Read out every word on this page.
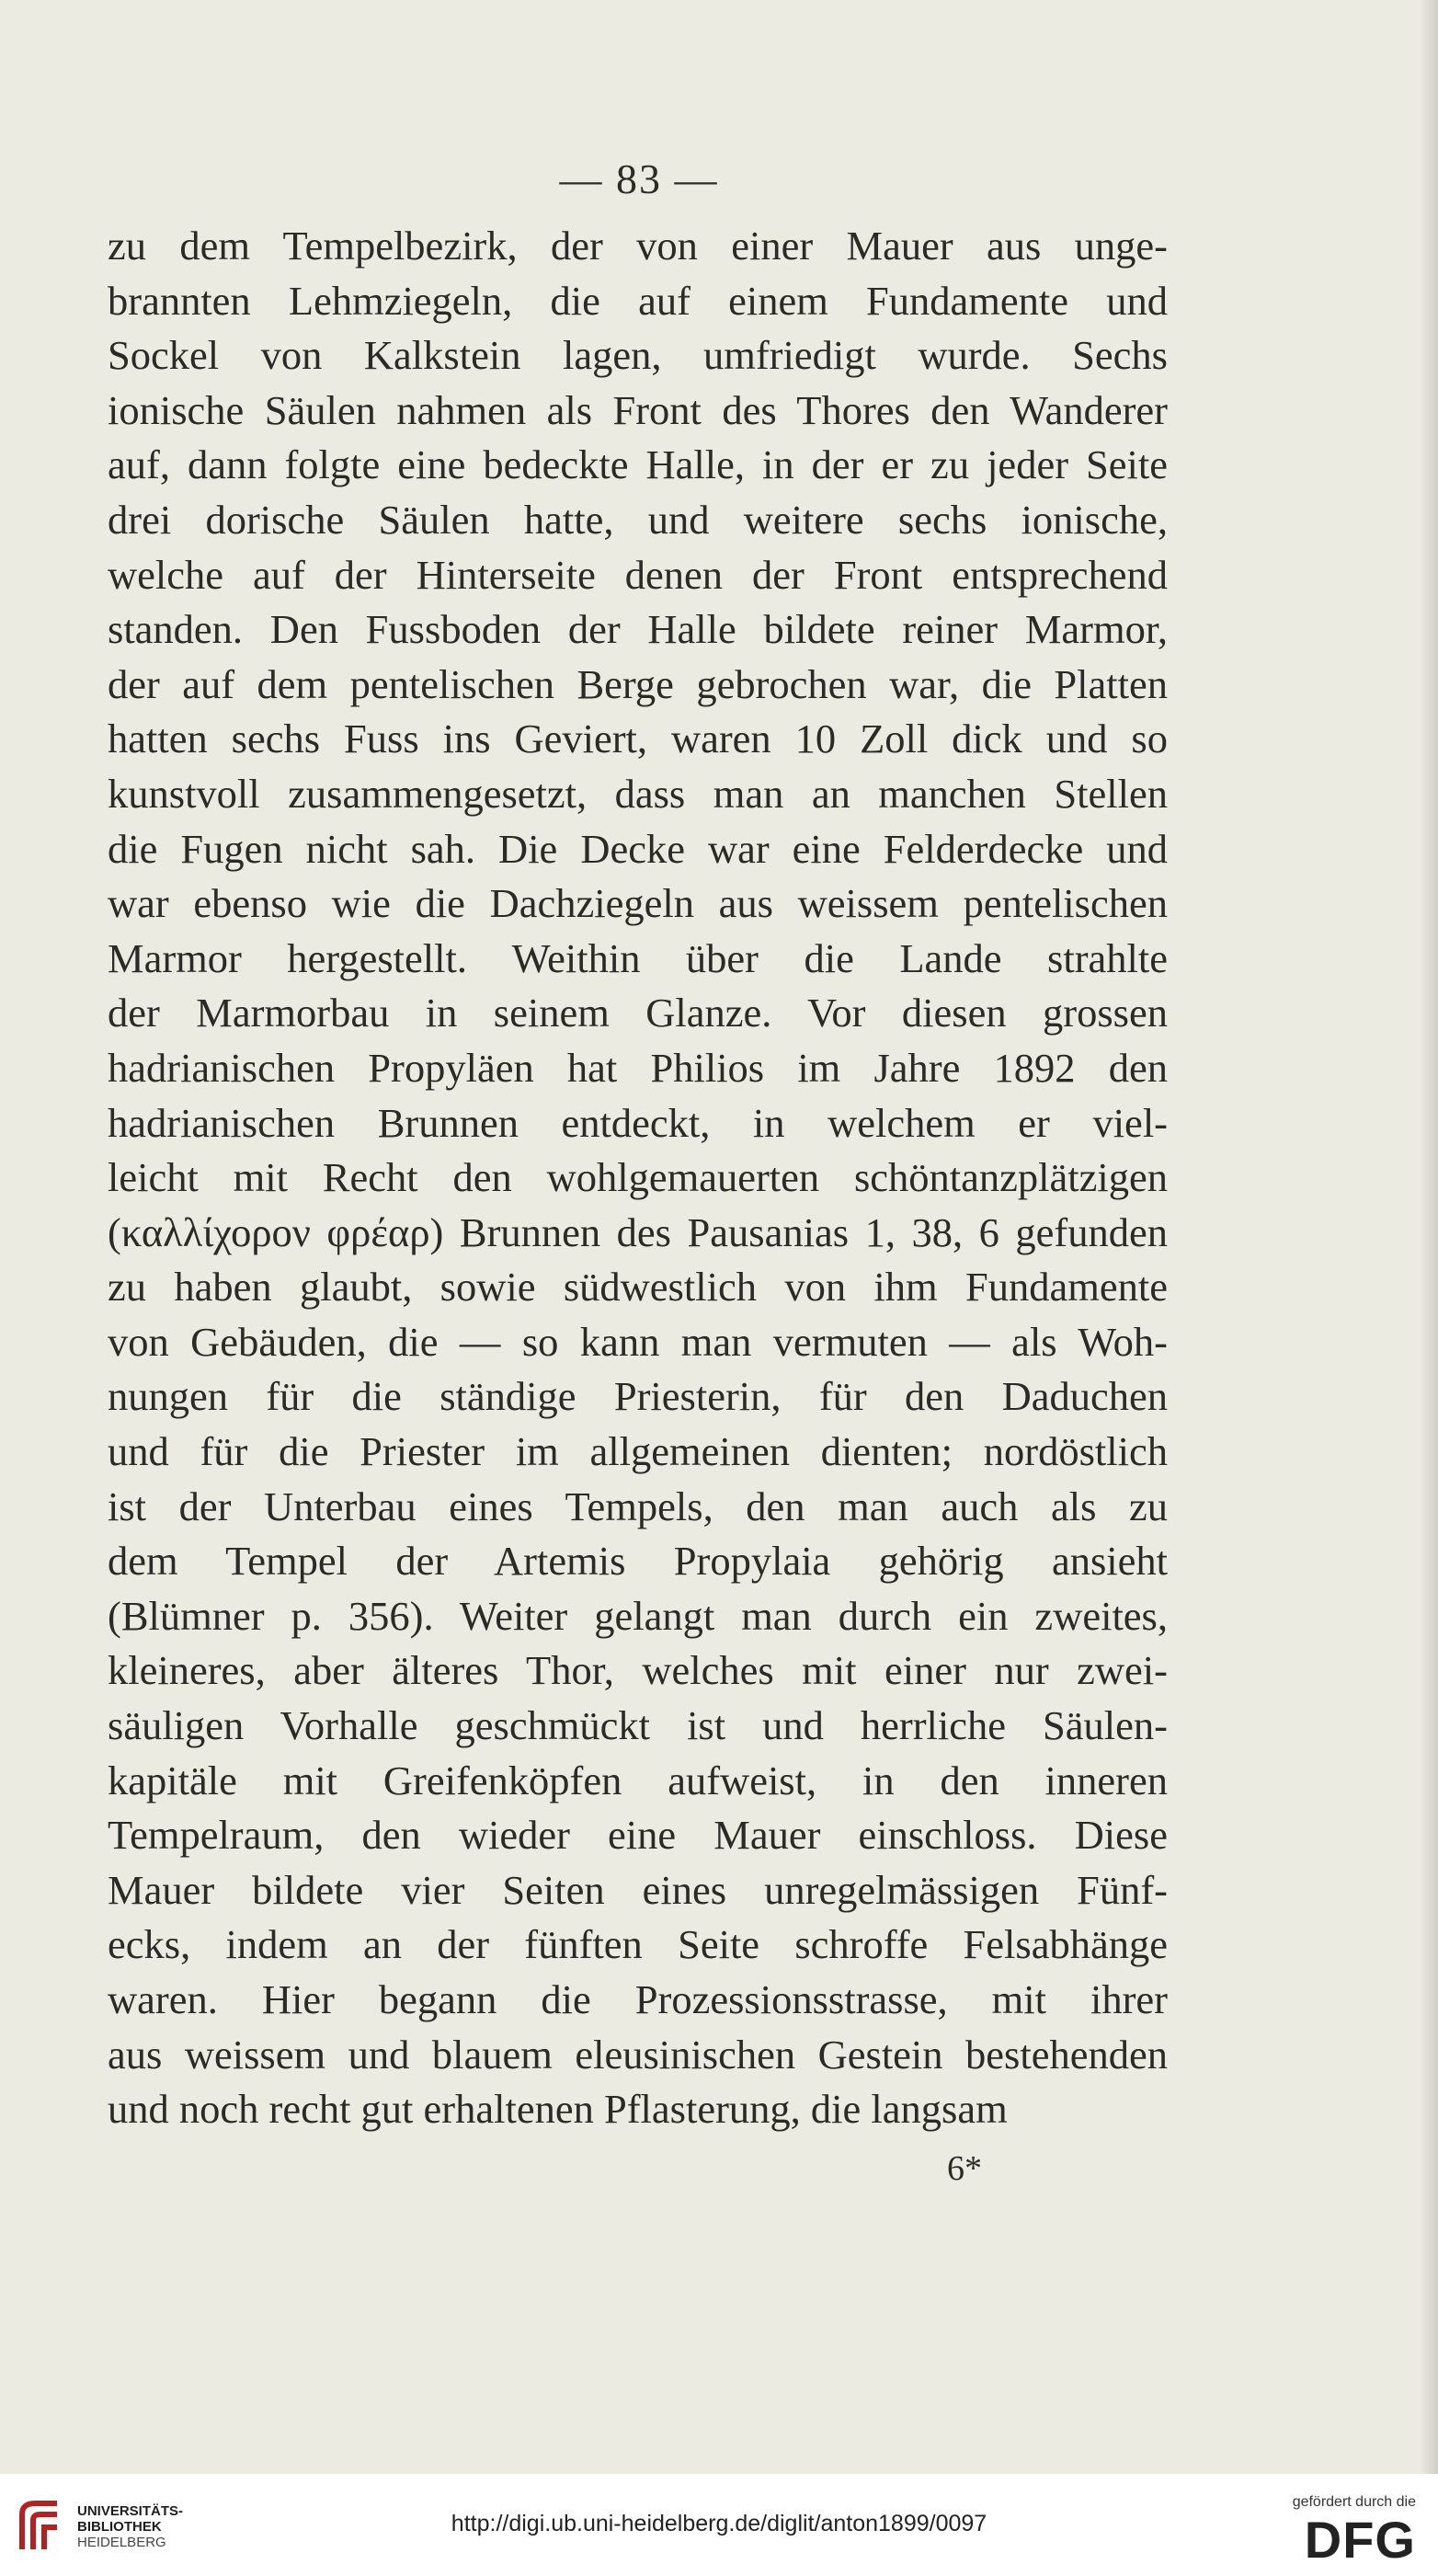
— 83 —
zu dem Tempelbezirk, der von einer Mauer aus unge-
brannten Lehmziegeln, die auf einem Fundamente und
Sockel von Kalkstein lagen, umfriedigt wurde. Sechs
ionische Säulen nahmen als Front des Thores den Wanderer
auf, dann folgte eine bedeckte Halle, in der er zu jeder Seite
drei dorische Säulen hatte, und weitere sechs ionische,
welche auf der Hinterseite denen der Front entsprechend
standen. Den Fussboden der Halle bildete reiner Marmor,
der auf dem pentelischen Berge gebrochen war, die Platten
hatten sechs Fuss ins Geviert, waren 10 Zoll dick und so
kunstvoll zusammengesetzt, dass man an manchen Stellen
die Fugen nicht sah. Die Decke war eine Felderdecke und
war ebenso wie die Dachziegeln aus weissem pentelischen
Marmor hergestellt. Weithin über die Lande strahlte
der Marmorbau in seinem Glanze. Vor diesen grossen
hadrianischen Propyläen hat Philios im Jahre 1892 den
hadrianischen Brunnen entdeckt, in welchem er viel-
leicht mit Recht den wohlgemauerten schöntanzplätzigen
(καλλίχορον φρέαρ) Brunnen des Pausanias 1, 38, 6 gefunden
zu haben glaubt, sowie südwestlich von ihm Fundamente
von Gebäuden, die — so kann man vermuten — als Woh-
nungen für die ständige Priesterin, für den Daduchen
und für die Priester im allgemeinen dienten; nordöstlich
ist der Unterbau eines Tempels, den man auch als zu
dem Tempel der Artemis Propylaia gehörig ansieht
(Blümner p. 356). Weiter gelangt man durch ein zweites,
kleineres, aber älteres Thor, welches mit einer nur zwei-
säuligen Vorhalle geschmückt ist und herrliche Säulen-
kapitäle mit Greifenköpfen aufweist, in den inneren
Tempelraum, den wieder eine Mauer einschloss. Diese
Mauer bildete vier Seiten eines unregelmässigen Fünf-
ecks, indem an der fünften Seite schroffe Felsabhänge
waren. Hier begann die Prozessionsstrasse, mit ihrer
aus weissem und blauem eleusinischen Gestein bestehenden
und noch recht gut erhaltenen Pflasterung, die langsam
6*
UNIVERSITÄTS-
BIBLIOTHEK
HEIDELBERG
http://digi.ub.uni-heidelberg.de/diglit/anton1899/0097
gefördert durch die
DFG
